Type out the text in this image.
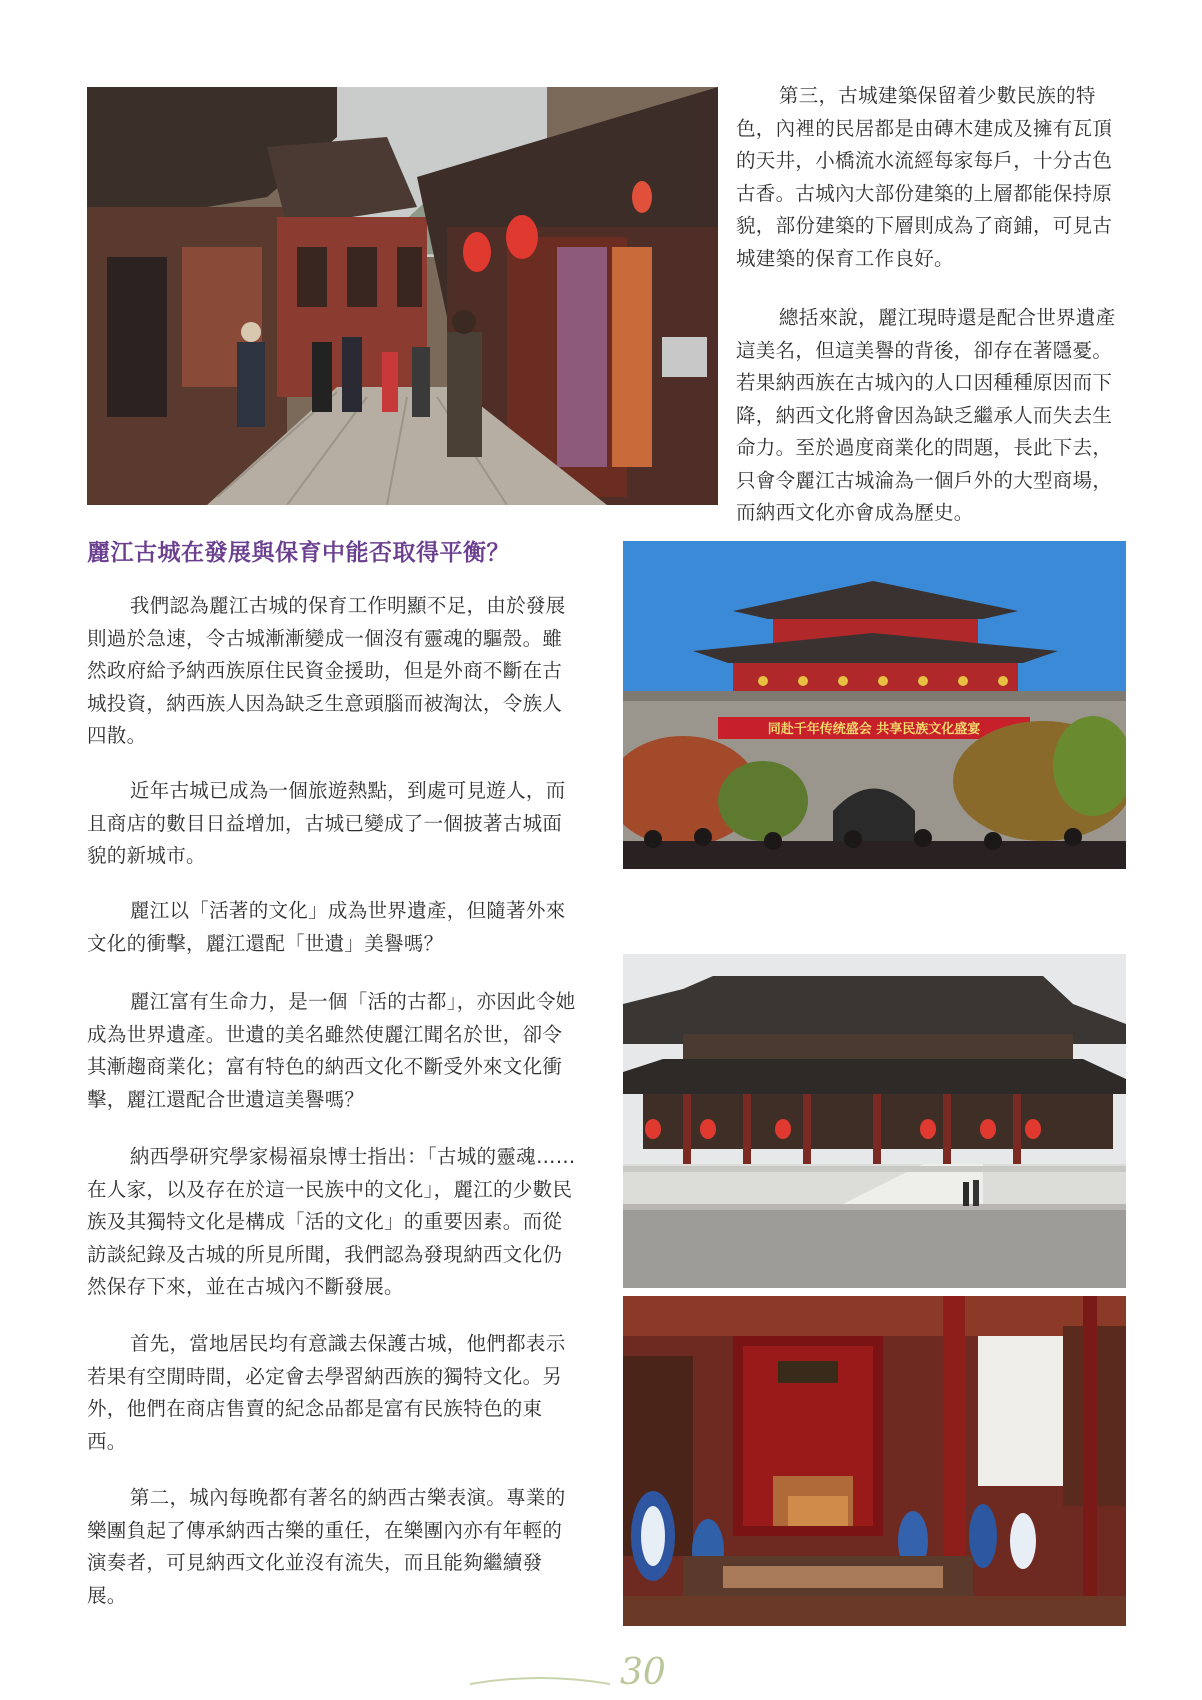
第三，古城建築保留着少數民族的特色，內裡的民居都是由磚木建成及擁有瓦頂的天井，小橋流水流經每家每戶，十分古色古香。古城內大部份建築的上層都能保持原貌，部份建築的下層則成為了商鋪，可見古城建築的保育工作良好。

總括來說，麗江現時還是配合世界遺產這美名，但這美譽的背後，卻存在著隱憂。若果納西族在古城內的人口因種種原因而下降，納西文化將會因為缺乏繼承人而失去生命力。至於過度商業化的問題，長此下去，只會令麗江古城淪為一個戶外的大型商場，而納西文化亦會成為歷史。

麗江古城在發展與保育中能否取得平衡？

我們認為麗江古城的保育工作明顯不足，由於發展則過於急速，令古城漸漸變成一個沒有靈魂的驅殼。雖然政府給予納西族原住民資金援助，但是外商不斷在古城投資，納西族人因為缺乏生意頭腦而被淘汰，令族人四散。

近年古城已成為一個旅遊熱點，到處可見遊人，而且商店的數目日益增加，古城已變成了一個披著古城面貌的新城市。

麗江以「活著的文化」成為世界遺產，但隨著外來文化的衝擊，麗江還配「世遺」美譽嗎？

麗江富有生命力，是一個「活的古都」，亦因此令她成為世界遺產。世遺的美名雖然使麗江聞名於世，卻令其漸趨商業化；富有特色的納西文化不斷受外來文化衝擊，麗江還配合世遺這美譽嗎？

納西學研究學家楊福泉博士指出：「古城的靈魂……在人家，以及存在於這一民族中的文化」，麗江的少數民族及其獨特文化是構成「活的文化」的重要因素。而從訪談紀錄及古城的所見所聞，我們認為發現納西文化仍然保存下來，並在古城內不斷發展。

首先，當地居民均有意識去保護古城，他們都表示若果有空閒時間，必定會去學習納西族的獨特文化。另外，他們在商店售賣的紀念品都是富有民族特色的東西。

第二，城內每晚都有著名的納西古樂表演。專業的樂團負起了傳承納西古樂的重任，在樂團內亦有年輕的演奏者，可見納西文化並沒有流失，而且能夠繼續發展。

同赴千年传统盛会 共享民族文化盛宴
30
